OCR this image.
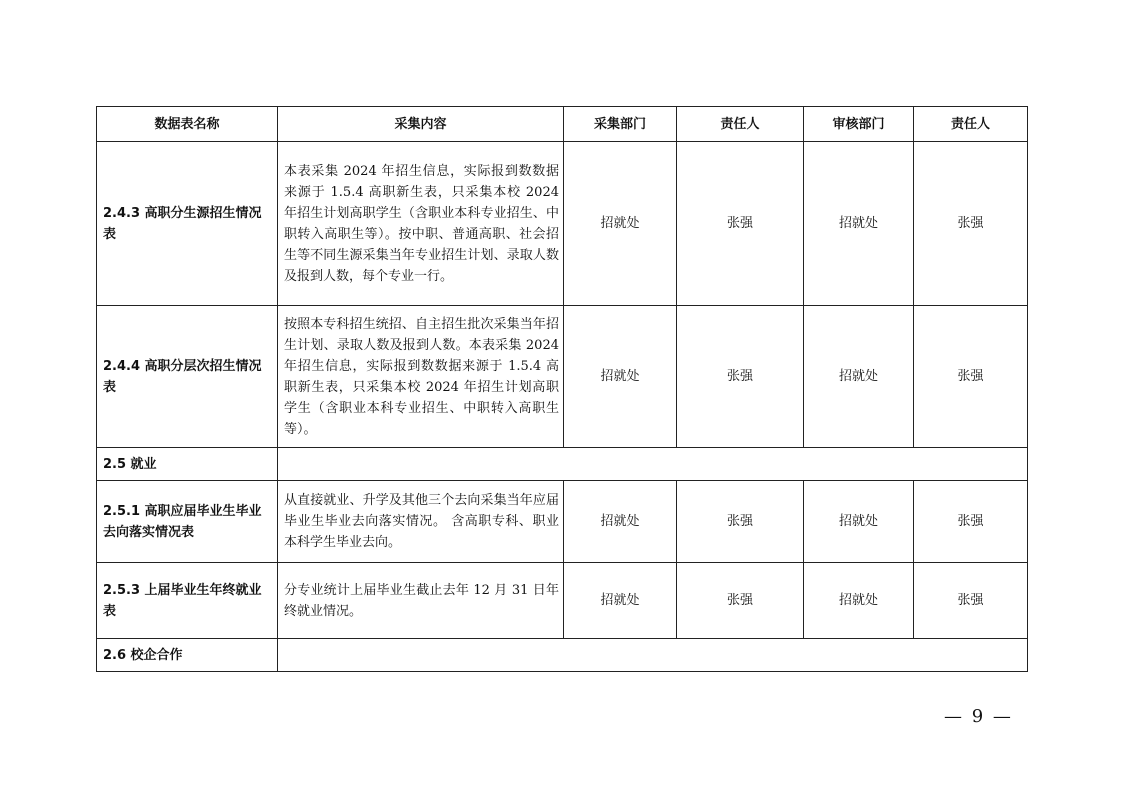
数据表名称	采集内容	采集部门	责任人	审核部门	责任人
2.4.3 高职分生源招生情况表	本表采集 2024 年招生信息，实际报到数数据来源于 1.5.4 高职新生表，只采集本校 2024 年招生计划高职学生（含职业本科专业招生、中职转入高职生等）。按中职、普通高职、社会招生等不同生源采集当年专业招生计划、录取人数及报到人数，每个专业一行。	招就处	张强	招就处	张强
2.4.4 高职分层次招生情况表	按照本专科招生统招、自主招生批次采集当年招生计划、录取人数及报到人数。本表采集 2024 年招生信息，实际报到数数据来源于 1.5.4 高职新生表，只采集本校 2024 年招生计划高职学生（含职业本科专业招生、中职转入高职生等）。	招就处	张强	招就处	张强
2.5 就业					
2.5.1 高职应届毕业生毕业去向落实情况表	从直接就业、升学及其他三个去向采集当年应届毕业生毕业去向落实情况。 含高职专科、职业本科学生毕业去向。	招就处	张强	招就处	张强
2.5.3 上届毕业生年终就业表	分专业统计上届毕业生截止去年 12 月 31 日年终就业情况。	招就处	张强	招就处	张强
2.6 校企合作					
— 9 —
